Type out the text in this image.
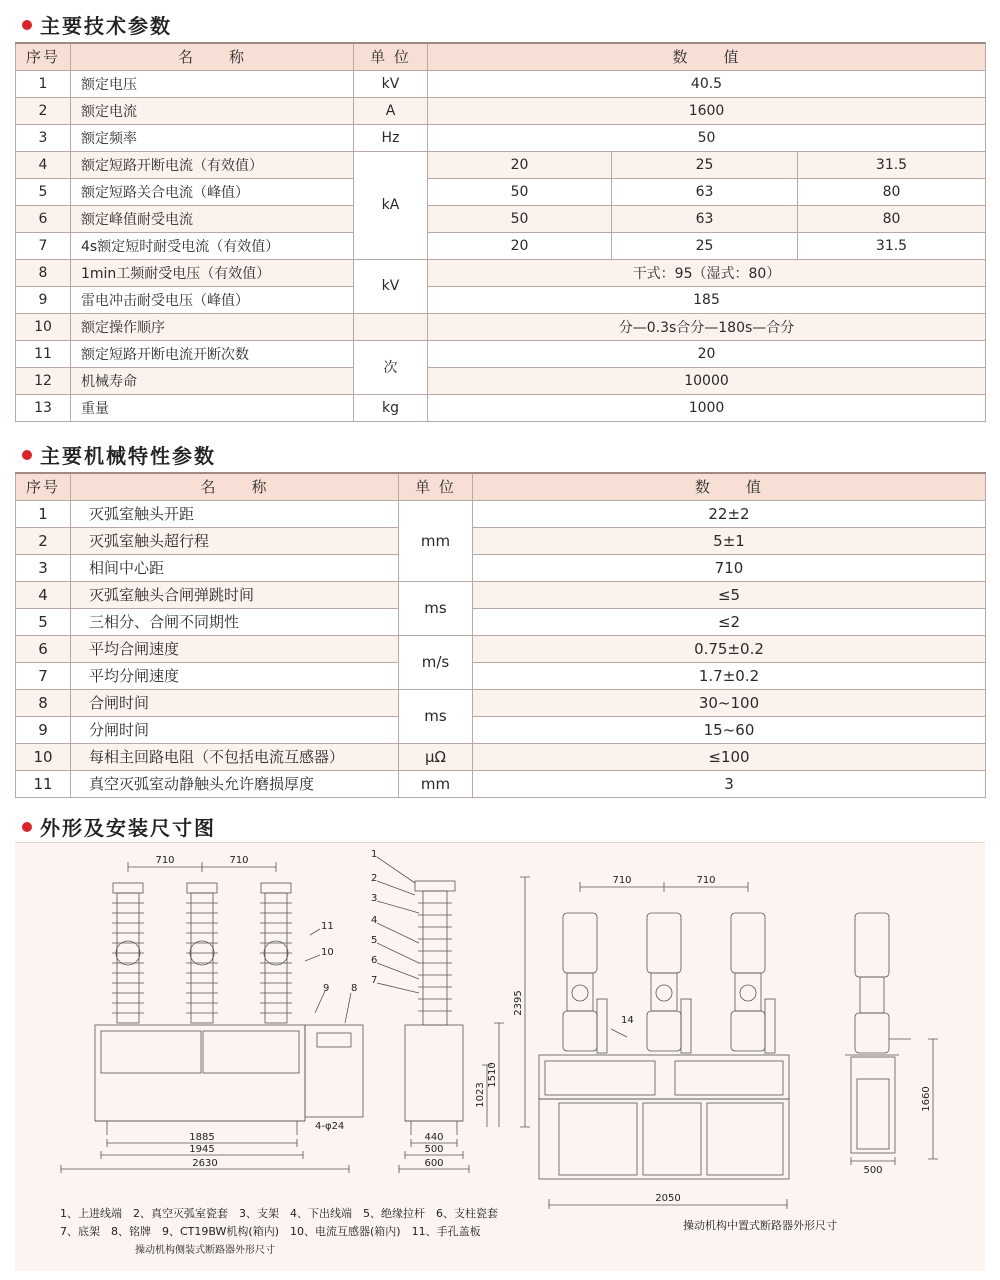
主要技术参数
序号	名　　称	单 位	数　　值		
1	额定电压	kV	40.5		
2	额定电流	A	1600		
3	额定频率	Hz	50		
4	额定短路开断电流（有效值）	kA	20	25	31.5
5	额定短路关合电流（峰值）		50	63	80
6	额定峰值耐受电流		50	63	80
7	4s额定短时耐受电流（有效值）		20	25	31.5
8	1min工频耐受电压（有效值）	kV	干式：95（湿式：80）		
9	雷电冲击耐受电压（峰值）		185		
10	额定操作顺序		分—0.3s合分—180s—合分		
11	额定短路开断电流开断次数	次	20		
12	机械寿命		10000		
13	重量	kg	1000		
主要机械特性参数
序号	名　　称	单 位	数　　值
1	灭弧室触头开距	mm	22±2
2	灭弧室触头超行程		5±1
3	相间中心距		710
4	灭弧室触头合闸弹跳时间	ms	≤5
5	三相分、合闸不同期性		≤2
6	平均合闸速度	m/s	0.75±0.2
7	平均分闸速度		1.7±0.2
8	合闸时间	ms	30~100
9	分闸时间		15~60
10	每相主回路电阻（不包括电流互感器）	μΩ	≤100
11	真空灭弧室动静触头允许磨损厚度	mm	3
外形及安装尺寸图
710	710
1885
1945
2630
4-φ24
440
500
600
1023
1510
2395
710	710
2050
1660
500
1
2
3
4
5
6
7
8
9
10
11
14
1、上进线端　2、真空灭弧室瓷套　3、支架　4、下出线端　5、绝缘拉杆　6、支柱瓷套
7、底架　8、铭牌　9、CT19BW机构(箱内)　10、电流互感器(箱内)　11、手孔盖板
操动机构侧装式断路器外形尺寸
操动机构中置式断路器外形尺寸
